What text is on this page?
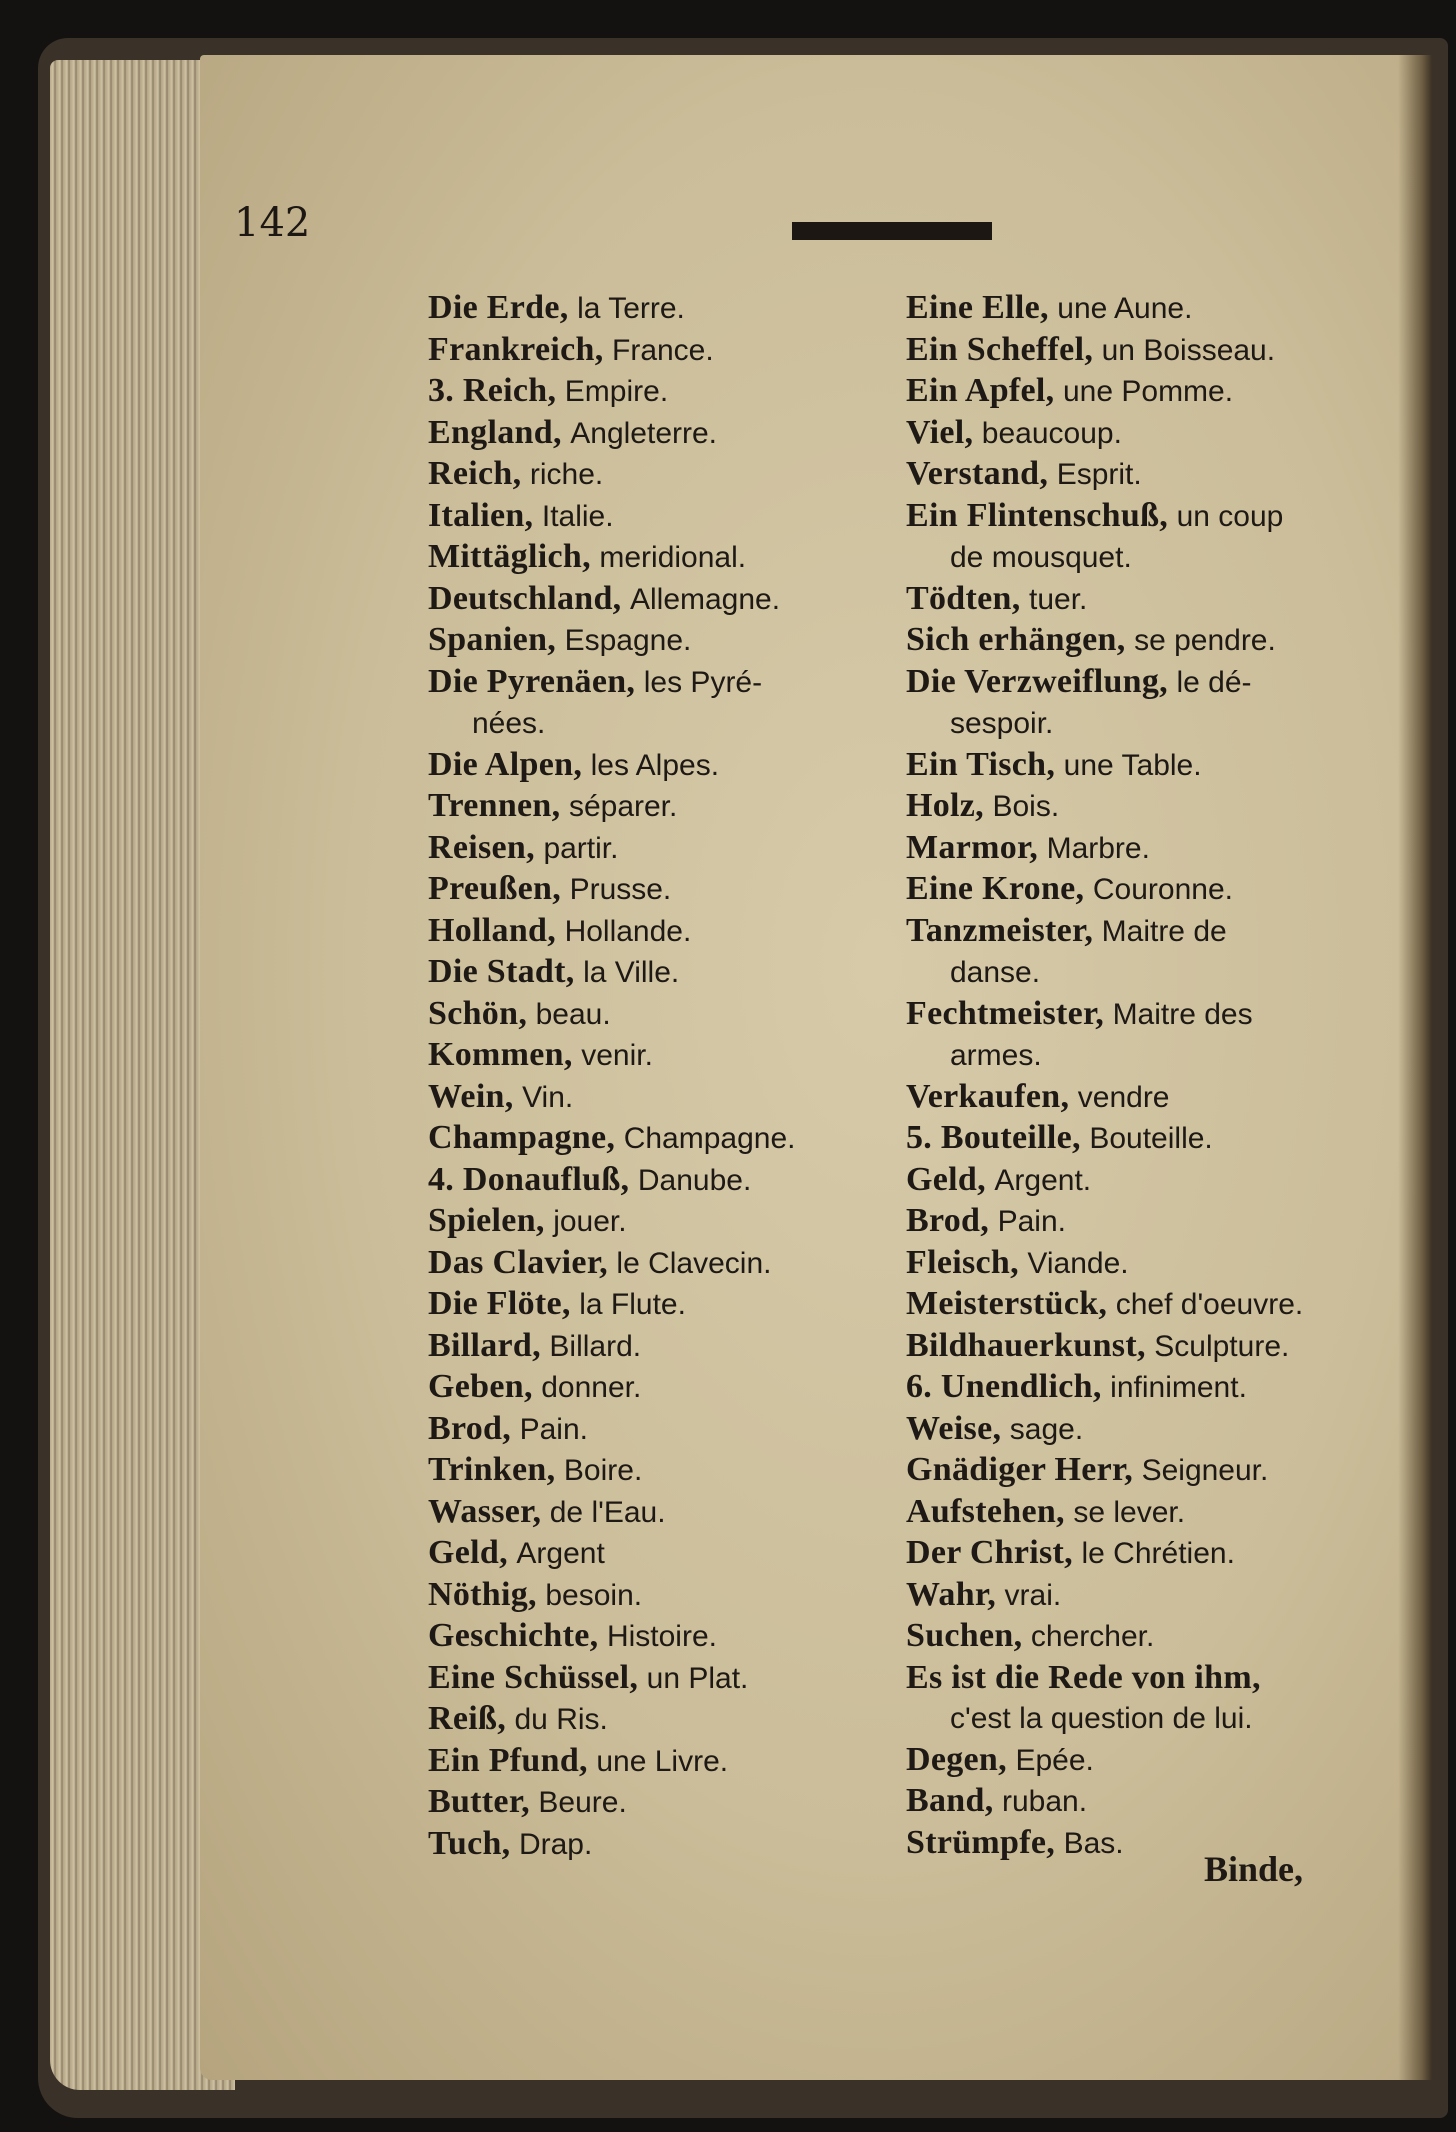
142
Die Erde, la Terre.
Frankreich, France.
3. Reich, Empire.
England, Angleterre.
Reich, riche.
Italien, Italie.
Mittäglich, meridional.
Deutschland, Allemagne.
Spanien, Espagne.
Die Pyrenäen, les Pyré-
nées.
Die Alpen, les Alpes.
Trennen, séparer.
Reisen, partir.
Preußen, Prusse.
Holland, Hollande.
Die Stadt, la Ville.
Schön, beau.
Kommen, venir.
Wein, Vin.
Champagne, Champagne.
4. Donaufluß, Danube.
Spielen, jouer.
Das Clavier, le Clavecin.
Die Flöte, la Flute.
Billard, Billard.
Geben, donner.
Brod, Pain.
Trinken, Boire.
Wasser, de l'Eau.
Geld, Argent
Nöthig, besoin.
Geschichte, Histoire.
Eine Schüssel, un Plat.
Reiß, du Ris.
Ein Pfund, une Livre.
Butter, Beure.
Tuch, Drap.
Eine Elle, une Aune.
Ein Scheffel, un Boisseau.
Ein Apfel, une Pomme.
Viel, beaucoup.
Verstand, Esprit.
Ein Flintenschuß, un coup
de mousquet.
Tödten, tuer.
Sich erhängen, se pendre.
Die Verzweiflung, le dé-
sespoir.
Ein Tisch, une Table.
Holz, Bois.
Marmor, Marbre.
Eine Krone, Couronne.
Tanzmeister, Maitre de
danse.
Fechtmeister, Maitre des
armes.
Verkaufen, vendre
5. Bouteille, Bouteille.
Geld, Argent.
Brod, Pain.
Fleisch, Viande.
Meisterstück, chef d'oeuvre.
Bildhauerkunst, Sculpture.
6. Unendlich, infiniment.
Weise, sage.
Gnädiger Herr, Seigneur.
Aufstehen, se lever.
Der Christ, le Chrétien.
Wahr, vrai.
Suchen, chercher.
Es ist die Rede von ihm,
c'est la question de lui.
Degen, Epée.
Band, ruban.
Strümpfe, Bas.
Binde,
